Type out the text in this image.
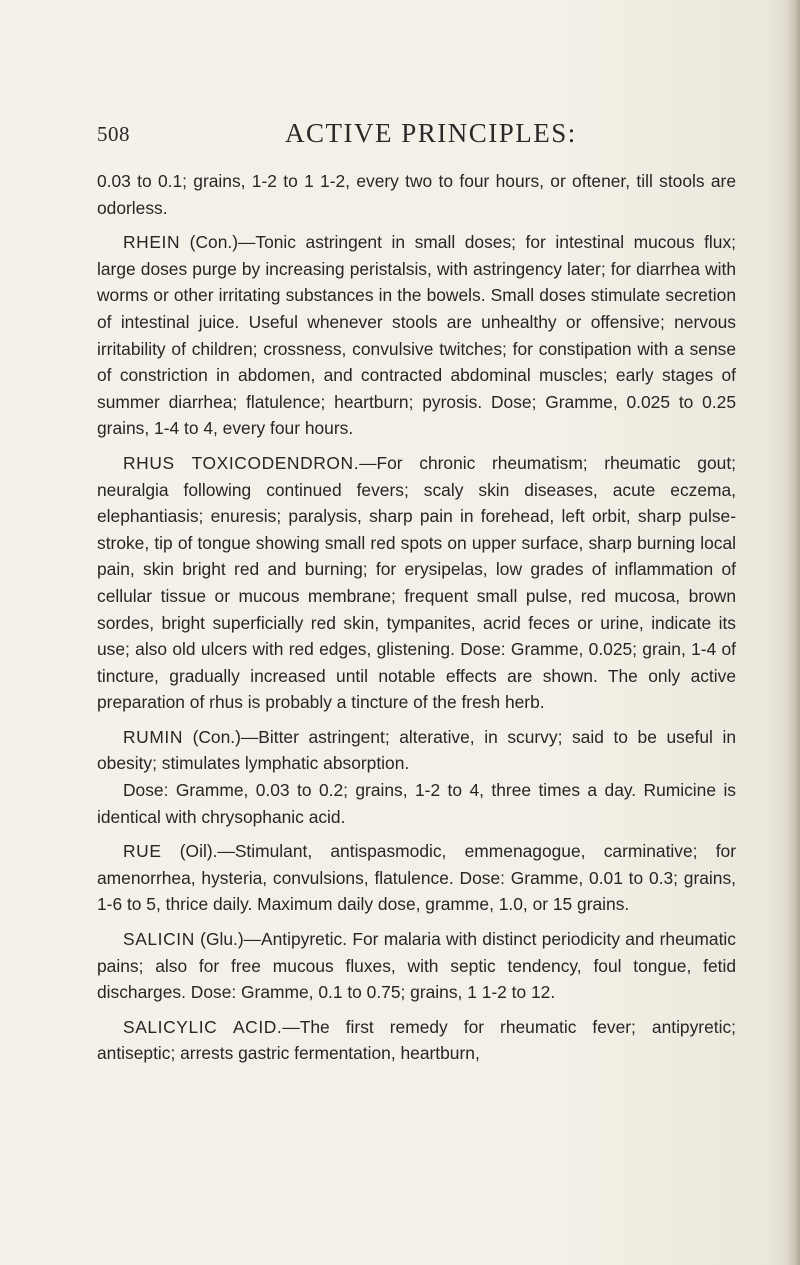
508	ACTIVE PRINCIPLES:

0.03 to 0.1; grains, 1-2 to 1 1-2, every two to four hours, or oftener, till stools are odorless.

RHEIN (Con.)—Tonic astringent in small doses; for intestinal mucous flux; large doses purge by increasing peristalsis, with astringency later; for diarrhea with worms or other irritating substances in the bowels. Small doses stimulate secretion of intestinal juice. Useful whenever stools are unhealthy or offensive; nervous irritability of children; crossness, convulsive twitches; for constipation with a sense of constriction in abdomen, and contracted abdominal muscles; early stages of summer diarrhea; flatulence; heartburn; pyrosis. Dose; Gramme, 0.025 to 0.25 grains, 1-4 to 4, every four hours.

RHUS TOXICODENDRON.—For chronic rheumatism; rheumatic gout; neuralgia following continued fevers; scaly skin diseases, acute eczema, elephantiasis; enuresis; paralysis, sharp pain in forehead, left orbit, sharp pulse-stroke, tip of tongue showing small red spots on upper surface, sharp burning local pain, skin bright red and burning; for erysipelas, low grades of inflammation of cellular tissue or mucous membrane; frequent small pulse, red mucosa, brown sordes, bright superficially red skin, tympanites, acrid feces or urine, indicate its use; also old ulcers with red edges, glistening. Dose: Gramme, 0.025; grain, 1-4 of tincture, gradually increased until notable effects are shown. The only active preparation of rhus is probably a tincture of the fresh herb.

RUMIN (Con.)—Bitter astringent; alterative, in scurvy; said to be useful in obesity; stimulates lymphatic absorption.

Dose: Gramme, 0.03 to 0.2; grains, 1-2 to 4, three times a day. Rumicine is identical with chrysophanic acid.

RUE (Oil).—Stimulant, antispasmodic, emmenagogue, carminative; for amenorrhea, hysteria, convulsions, flatulence. Dose: Gramme, 0.01 to 0.3; grains, 1-6 to 5, thrice daily. Maximum daily dose, gramme, 1.0, or 15 grains.

SALICIN (Glu.)—Antipyretic. For malaria with distinct periodicity and rheumatic pains; also for free mucous fluxes, with septic tendency, foul tongue, fetid discharges. Dose: Gramme, 0.1 to 0.75; grains, 1 1-2 to 12.

SALICYLIC ACID.—The first remedy for rheumatic fever; antipyretic; antiseptic; arrests gastric fermentation, heartburn,
